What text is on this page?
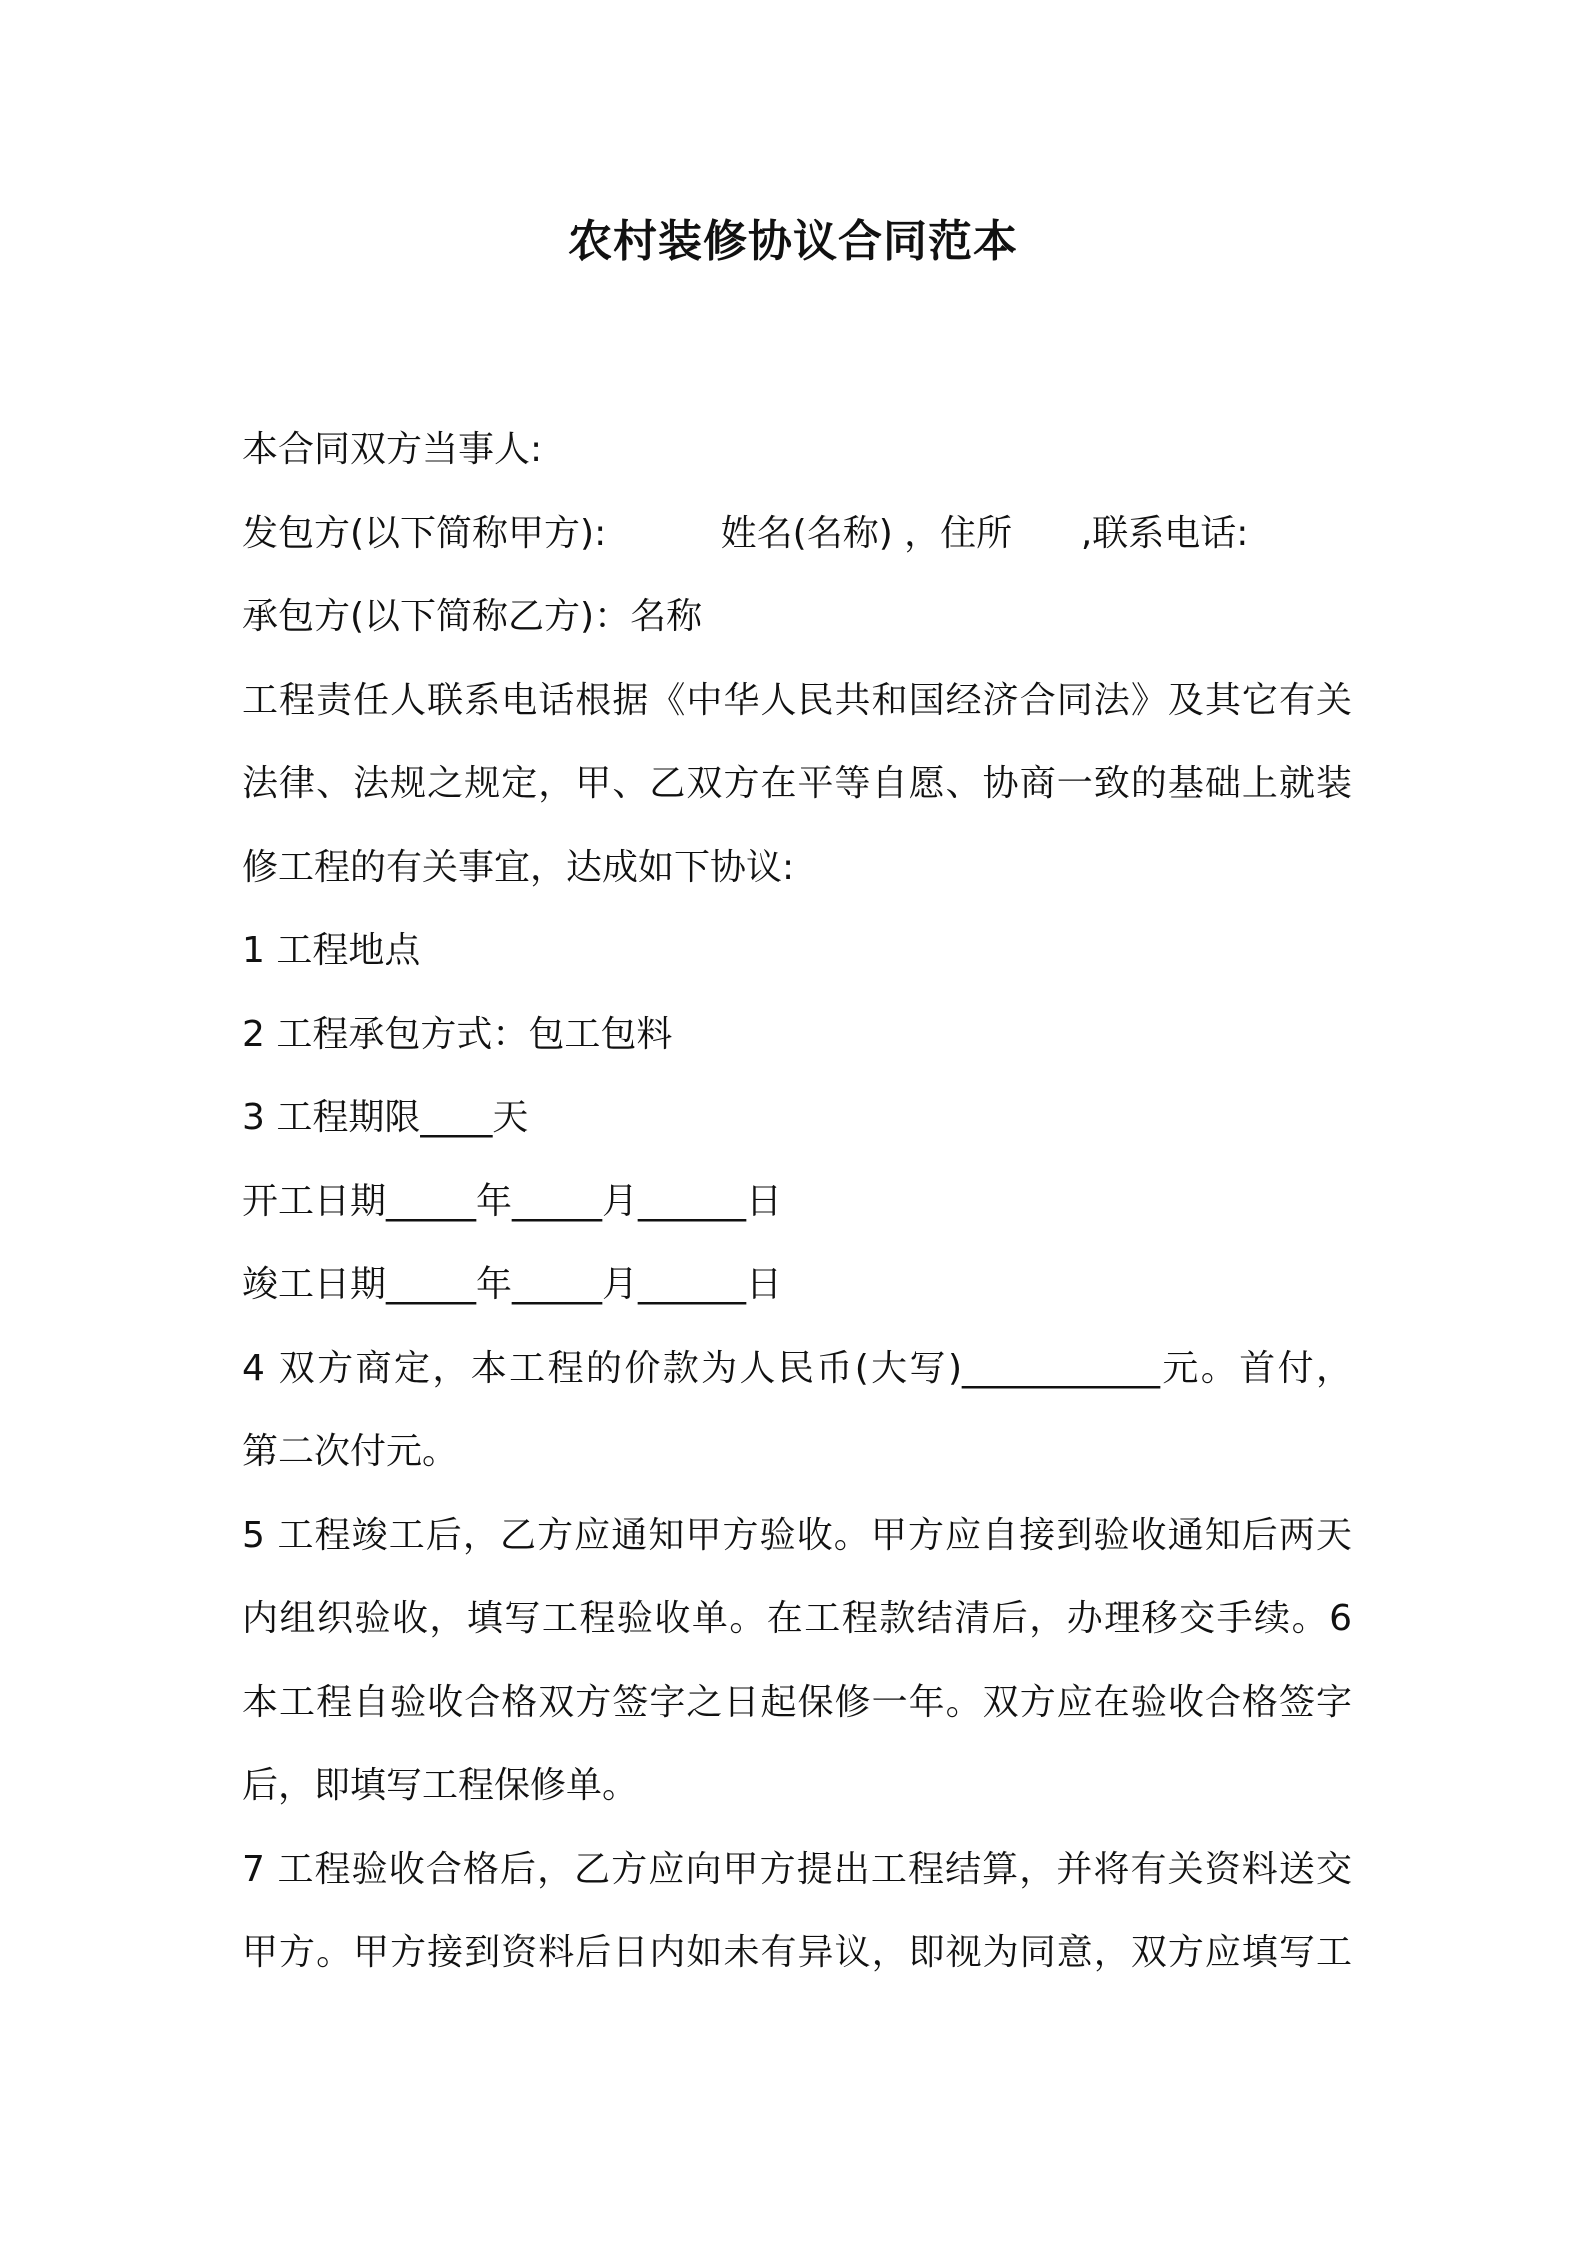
农村装修协议合同范本
本合同双方当事人:
发包方(以下简称甲方):          姓名(名称) ，住所      ,联系电话:
承包方(以下简称乙方)：名称
工程责任人联系电话根据《中华人民共和国经济合同法》及其它有关
法律、法规之规定，甲、乙双方在平等自愿、协商一致的基础上就装
修工程的有关事宜，达成如下协议:
1 工程地点
2 工程承包方式：包工包料
3 工程期限____天
开工日期_____年_____月______日
竣工日期_____年_____月______日
4 双方商定，本工程的价款为人民币(大写)___________元。首付，
第二次付元。
5 工程竣工后，乙方应通知甲方验收。甲方应自接到验收通知后两天
内组织验收，填写工程验收单。在工程款结清后，办理移交手续。6
本工程自验收合格双方签字之日起保修一年。双方应在验收合格签字
后，即填写工程保修单。
7 工程验收合格后，乙方应向甲方提出工程结算，并将有关资料送交
甲方。甲方接到资料后日内如未有异议，即视为同意，双方应填写工
